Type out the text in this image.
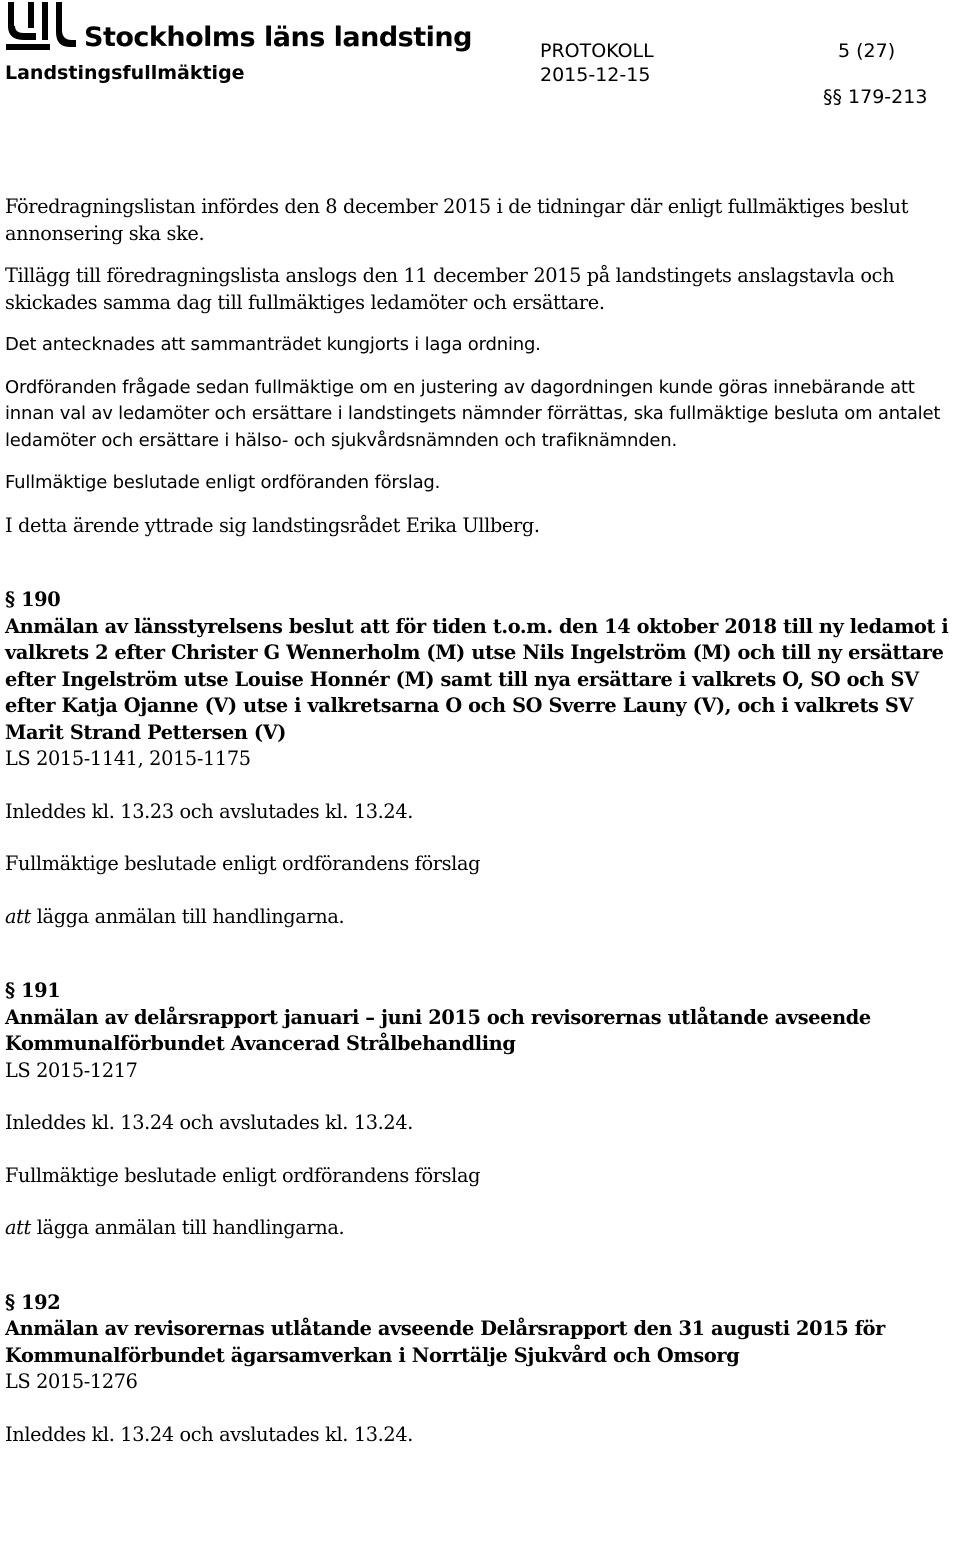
Stockholms läns landsting
Landstingsfullmäktige
PROTOKOLL
2015-12-15
5 (27)
§§ 179-213

Föredragningslistan infördes den 8 december 2015 i de tidningar där enligt fullmäktiges beslut annonsering ska ske.

Tillägg till föredragningslista anslogs den 11 december 2015 på landstingets anslagstavla och skickades samma dag till fullmäktiges ledamöter och ersättare.

Det antecknades att sammanträdet kungjorts i laga ordning.

Ordföranden frågade sedan fullmäktige om en justering av dagordningen kunde göras innebärande att innan val av ledamöter och ersättare i landstingets nämnder förrättas, ska fullmäktige besluta om antalet ledamöter och ersättare i hälso- och sjukvårdsnämnden och trafiknämnden.

Fullmäktige beslutade enligt ordföranden förslag.

I detta ärende yttrade sig landstingsrådet Erika Ullberg.

§ 190
Anmälan av länsstyrelsens beslut att för tiden t.o.m. den 14 oktober 2018 till ny ledamot i valkrets 2 efter Christer G Wennerholm (M) utse Nils Ingelström (M) och till ny ersättare efter Ingelström utse Louise Honnér (M) samt till nya ersättare i valkrets O, SO och SV efter Katja Ojanne (V) utse i valkretsarna O och SO Sverre Launy (V), och i valkrets SV Marit Strand Pettersen (V)
LS 2015-1141, 2015-1175

Inleddes kl. 13.23 och avslutades kl. 13.24.

Fullmäktige beslutade enligt ordförandens förslag

att lägga anmälan till handlingarna.

§ 191
Anmälan av delårsrapport januari – juni 2015 och revisorernas utlåtande avseende Kommunalförbundet Avancerad Strålbehandling
LS 2015-1217

Inleddes kl. 13.24 och avslutades kl. 13.24.

Fullmäktige beslutade enligt ordförandens förslag

att lägga anmälan till handlingarna.

§ 192
Anmälan av revisorernas utlåtande avseende Delårsrapport den 31 augusti 2015 för Kommunalförbundet ägarsamverkan i Norrtälje Sjukvård och Omsorg
LS 2015-1276

Inleddes kl. 13.24 och avslutades kl. 13.24.
